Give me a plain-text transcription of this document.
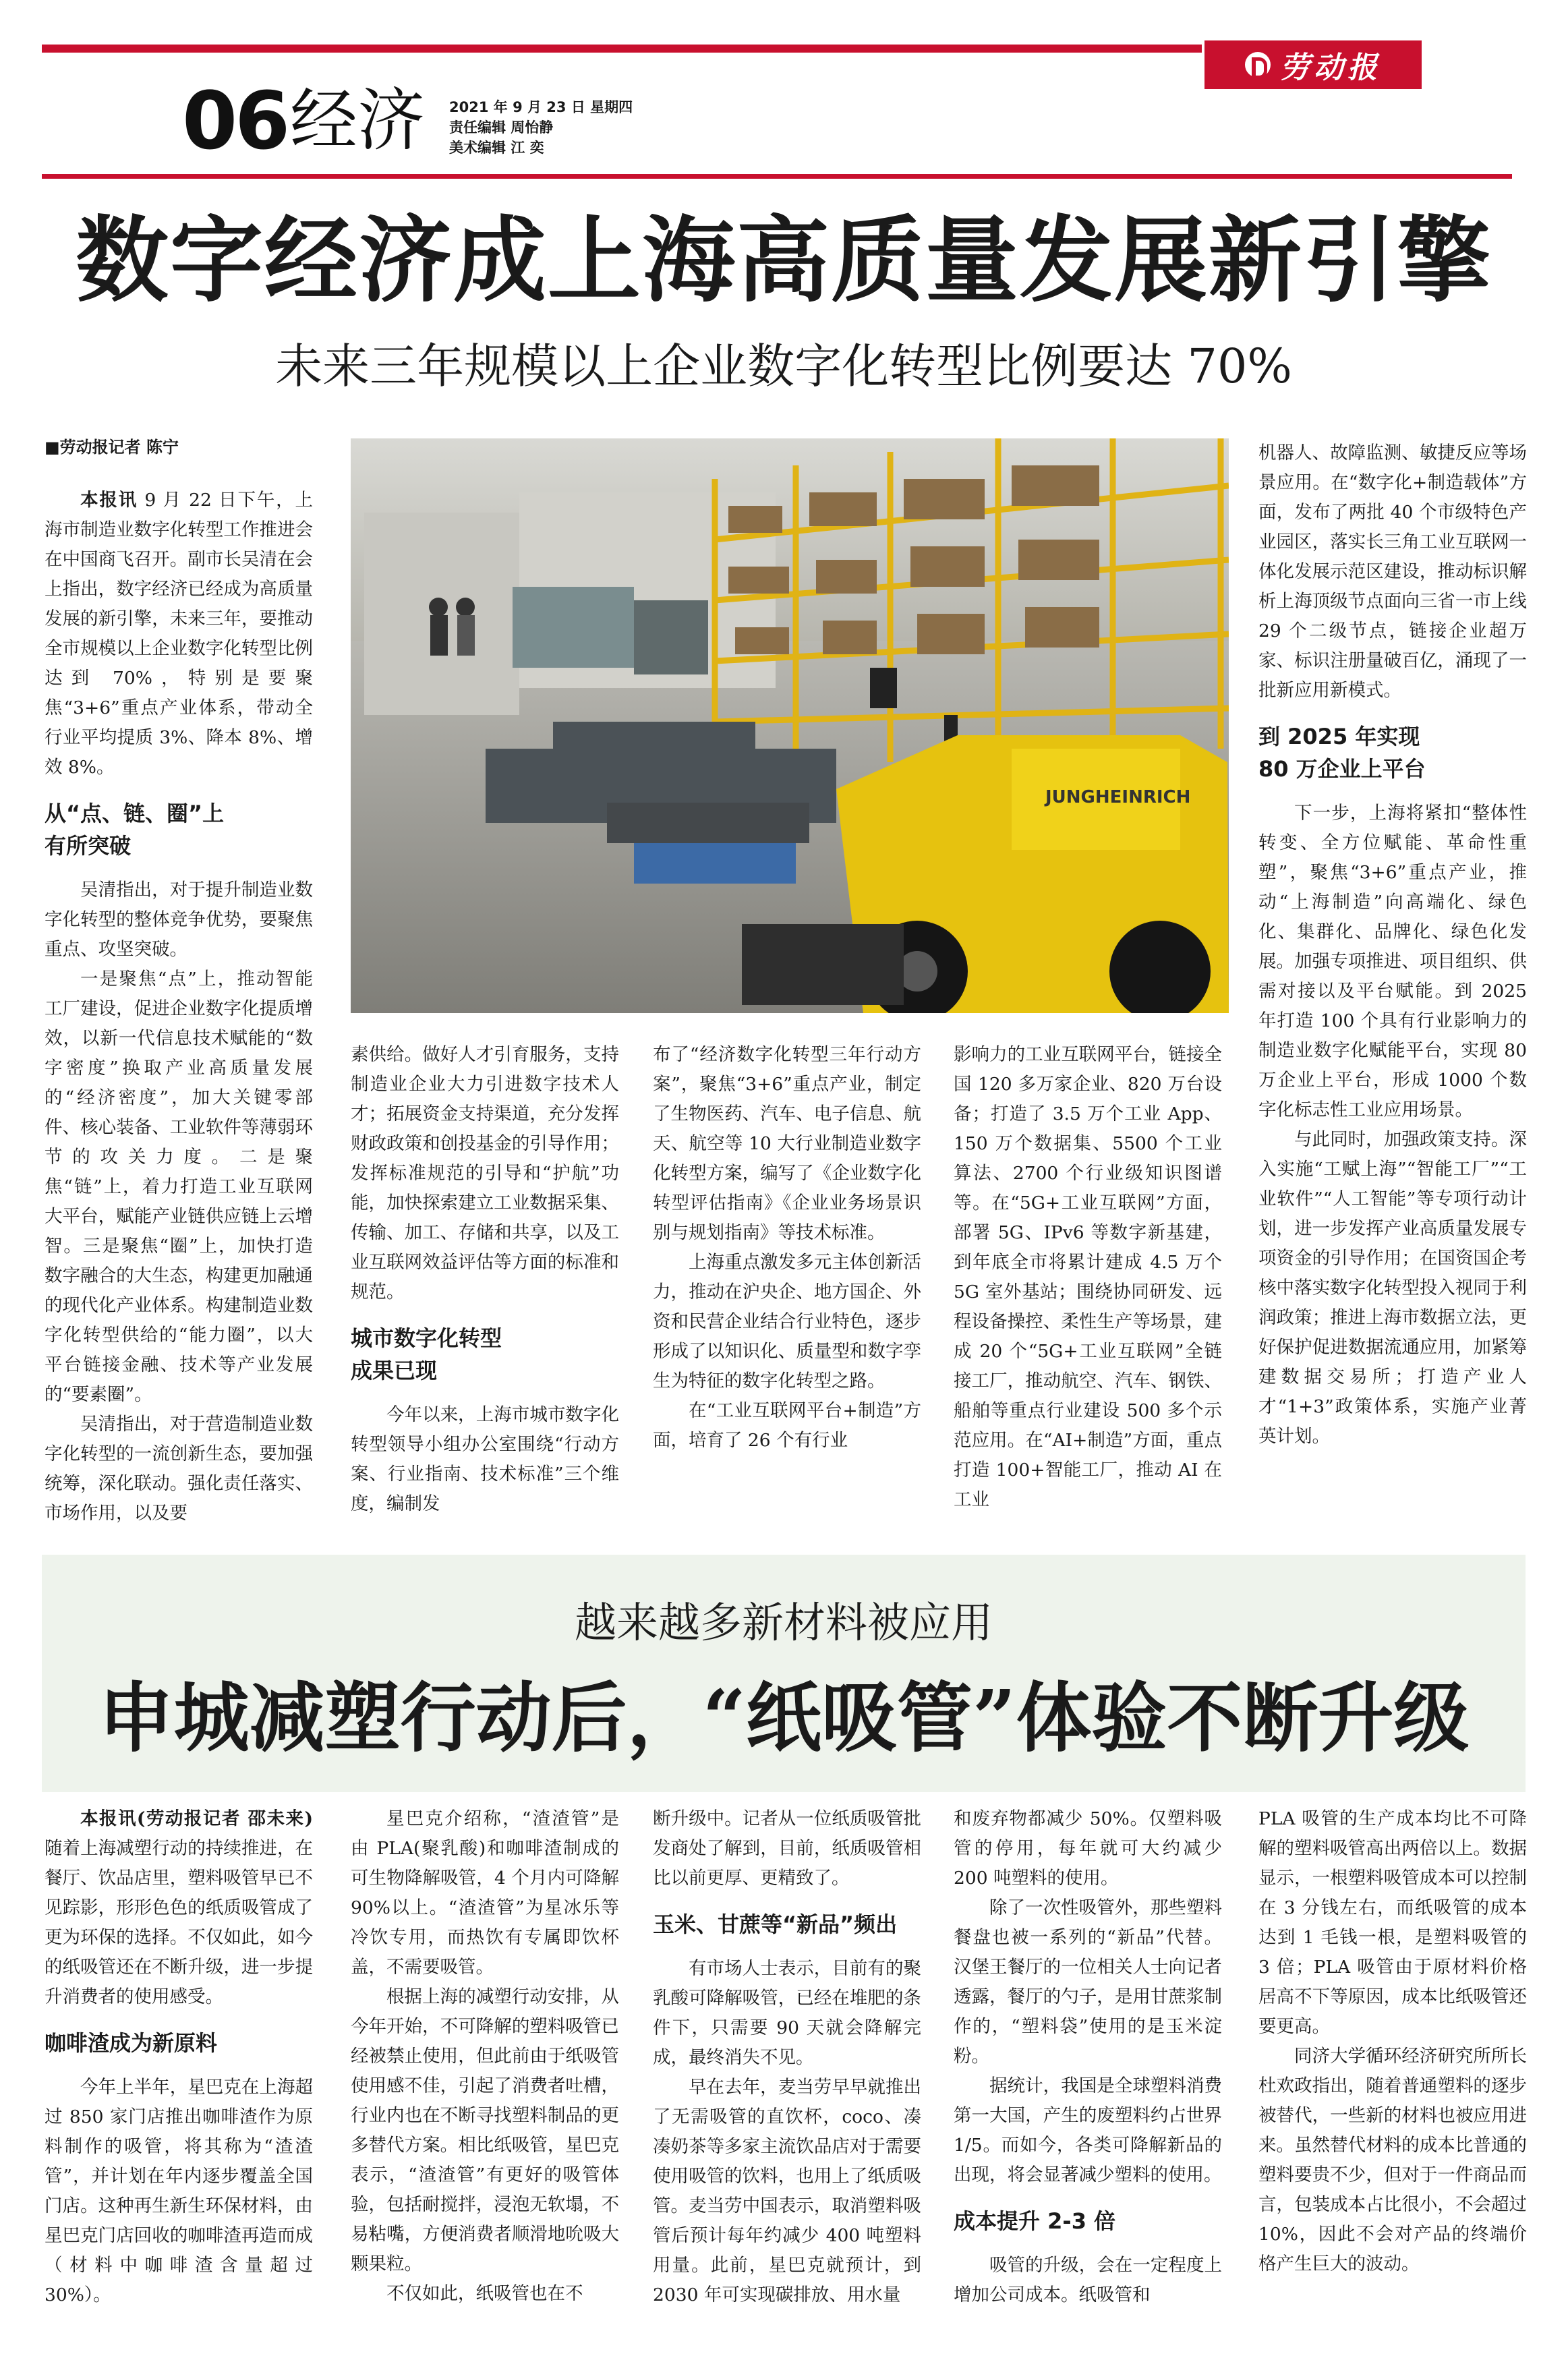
劳动报
06 经济 2021 年 9 月 23 日 星期四
责任编辑 周怡静
美术编辑 江 奕
数字经济成上海高质量发展新引擎
未来三年规模以上企业数字化转型比例要达 70%
■劳动报记者 陈宁
JUNGHEINRICH

本报讯 9 月 22 日下午，上海市制造业数字化转型工作推进会在中国商飞召开。副市长吴清在会上指出，数字经济已经成为高质量发展的新引擎，未来三年，要推动全市规模以上企业数字化转型比例达到 70%，特别是要聚焦“3+6”重点产业体系，带动全行业平均提质 3%、降本 8%、增效 8%。

从“点、链、圈”上
有所突破

吴清指出，对于提升制造业数字化转型的整体竞争优势，要聚焦重点、攻坚突破。

一是聚焦“点”上，推动智能工厂建设，促进企业数字化提质增效，以新一代信息技术赋能的“数字密度”换取产业高质量发展的“经济密度”，加大关键零部件、核心装备、工业软件等薄弱环节的攻关力度。二是聚焦“链”上，着力打造工业互联网大平台，赋能产业链供应链上云增智。三是聚焦“圈”上，加快打造数字融合的大生态，构建更加融通的现代化产业体系。构建制造业数字化转型供给的“能力圈”，以大平台链接金融、技术等产业发展的“要素圈”。

吴清指出，对于营造制造业数字化转型的一流创新生态，要加强统筹，深化联动。强化责任落实、市场作用，以及要

素供给。做好人才引育服务，支持制造业企业大力引进数字技术人才；拓展资金支持渠道，充分发挥财政政策和创投基金的引导作用；发挥标准规范的引导和“护航”功能，加快探索建立工业数据采集、传输、加工、存储和共享，以及工业互联网效益评估等方面的标准和规范。

城市数字化转型
成果已现

今年以来，上海市城市数字化转型领导小组办公室围绕“行动方案、行业指南、技术标准”三个维度，编制发

布了“经济数字化转型三年行动方案”，聚焦“3+6”重点产业，制定了生物医药、汽车、电子信息、航天、航空等 10 大行业制造业数字化转型方案，编写了《企业数字化转型评估指南》《企业业务场景识别与规划指南》等技术标准。

上海重点激发多元主体创新活力，推动在沪央企、地方国企、外资和民营企业结合行业特色，逐步形成了以知识化、质量型和数字孪生为特征的数字化转型之路。

在“工业互联网平台+制造”方面，培育了 26 个有行业

影响力的工业互联网平台，链接全国 120 多万家企业、820 万台设备；打造了 3.5 万个工业 App、150 万个数据集、5500 个工业算法、2700 个行业级知识图谱等。在“5G+工业互联网”方面，部署 5G、IPv6 等数字新基建，到年底全市将累计建成 4.5 万个 5G 室外基站；围绕协同研发、远程设备操控、柔性生产等场景，建成 20 个“5G+工业互联网”全链接工厂，推动航空、汽车、钢铁、船舶等重点行业建设 500 多个示范应用。在“AI+制造”方面，重点打造 100+智能工厂，推动 AI 在工业

机器人、故障监测、敏捷反应等场景应用。在“数字化+制造载体”方面，发布了两批 40 个市级特色产业园区，落实长三角工业互联网一体化发展示范区建设，推动标识解析上海顶级节点面向三省一市上线 29 个二级节点，链接企业超万家、标识注册量破百亿，涌现了一批新应用新模式。

到 2025 年实现
80 万企业上平台

下一步，上海将紧扣“整体性转变、全方位赋能、革命性重塑”，聚焦“3+6”重点产业，推动“上海制造”向高端化、绿色化、集群化、品牌化、绿色化发展。加强专项推进、项目组织、供需对接以及平台赋能。到 2025 年打造 100 个具有行业影响力的制造业数字化赋能平台，实现 80 万企业上平台，形成 1000 个数字化标志性工业应用场景。

与此同时，加强政策支持。深入实施“工赋上海”“智能工厂”“工业软件”“人工智能”等专项行动计划，进一步发挥产业高质量发展专项资金的引导作用；在国资国企考核中落实数字化转型投入视同于利润政策；推进上海市数据立法，更好保护促进数据流通应用，加紧筹建数据交易所；打造产业人才“1+3”政策体系，实施产业菁英计划。

越来越多新材料被应用
申城减塑行动后，“纸吸管”体验不断升级

本报讯(劳动报记者 邵未来) 随着上海减塑行动的持续推进，在餐厅、饮品店里，塑料吸管早已不见踪影，形形色色的纸质吸管成了更为环保的选择。不仅如此，如今的纸吸管还在不断升级，进一步提升消费者的使用感受。

咖啡渣成为新原料

今年上半年，星巴克在上海超过 850 家门店推出咖啡渣作为原料制作的吸管，将其称为“渣渣管”，并计划在年内逐步覆盖全国门店。这种再生新生环保材料，由星巴克门店回收的咖啡渣再造而成（材料中咖啡渣含量超过 30%）。

星巴克介绍称，“渣渣管”是由 PLA(聚乳酸)和咖啡渣制成的可生物降解吸管，4 个月内可降解 90%以上。“渣渣管”为星冰乐等冷饮专用，而热饮有专属即饮杯盖，不需要吸管。

根据上海的减塑行动安排，从今年开始，不可降解的塑料吸管已经被禁止使用，但此前由于纸吸管使用感不佳，引起了消费者吐槽，行业内也在不断寻找塑料制品的更多替代方案。相比纸吸管，星巴克表示，“渣渣管”有更好的吸管体验，包括耐搅拌，浸泡无软塌，不易粘嘴，方便消费者顺滑地吮吸大颗果粒。

不仅如此，纸吸管也在不

断升级中。记者从一位纸质吸管批发商处了解到，目前，纸质吸管相比以前更厚、更精致了。

玉米、甘蔗等“新品”频出

有市场人士表示，目前有的聚乳酸可降解吸管，已经在堆肥的条件下，只需要 90 天就会降解完成，最终消失不见。

早在去年，麦当劳早早就推出了无需吸管的直饮杯，coco、凑凑奶茶等多家主流饮品店对于需要使用吸管的饮料，也用上了纸质吸管。麦当劳中国表示，取消塑料吸管后预计每年约减少 400 吨塑料用量。此前，星巴克就预计，到 2030 年可实现碳排放、用水量

和废弃物都减少 50%。仅塑料吸管的停用，每年就可大约减少 200 吨塑料的使用。

除了一次性吸管外，那些塑料餐盘也被一系列的“新品”代替。汉堡王餐厅的一位相关人士向记者透露，餐厅的勺子，是用甘蔗浆制作的，“塑料袋”使用的是玉米淀粉。

据统计，我国是全球塑料消费第一大国，产生的废塑料约占世界 1/5。而如今，各类可降解新品的出现，将会显著减少塑料的使用。

成本提升 2-3 倍

吸管的升级，会在一定程度上增加公司成本。纸吸管和

PLA 吸管的生产成本均比不可降解的塑料吸管高出两倍以上。数据显示，一根塑料吸管成本可以控制在 3 分钱左右，而纸吸管的成本达到 1 毛钱一根，是塑料吸管的 3 倍；PLA 吸管由于原材料价格居高不下等原因，成本比纸吸管还要更高。

同济大学循环经济研究所所长杜欢政指出，随着普通塑料的逐步被替代，一些新的材料也被应用进来。虽然替代材料的成本比普通的塑料要贵不少，但对于一件商品而言，包装成本占比很小，不会超过 10%，因此不会对产品的终端价格产生巨大的波动。
